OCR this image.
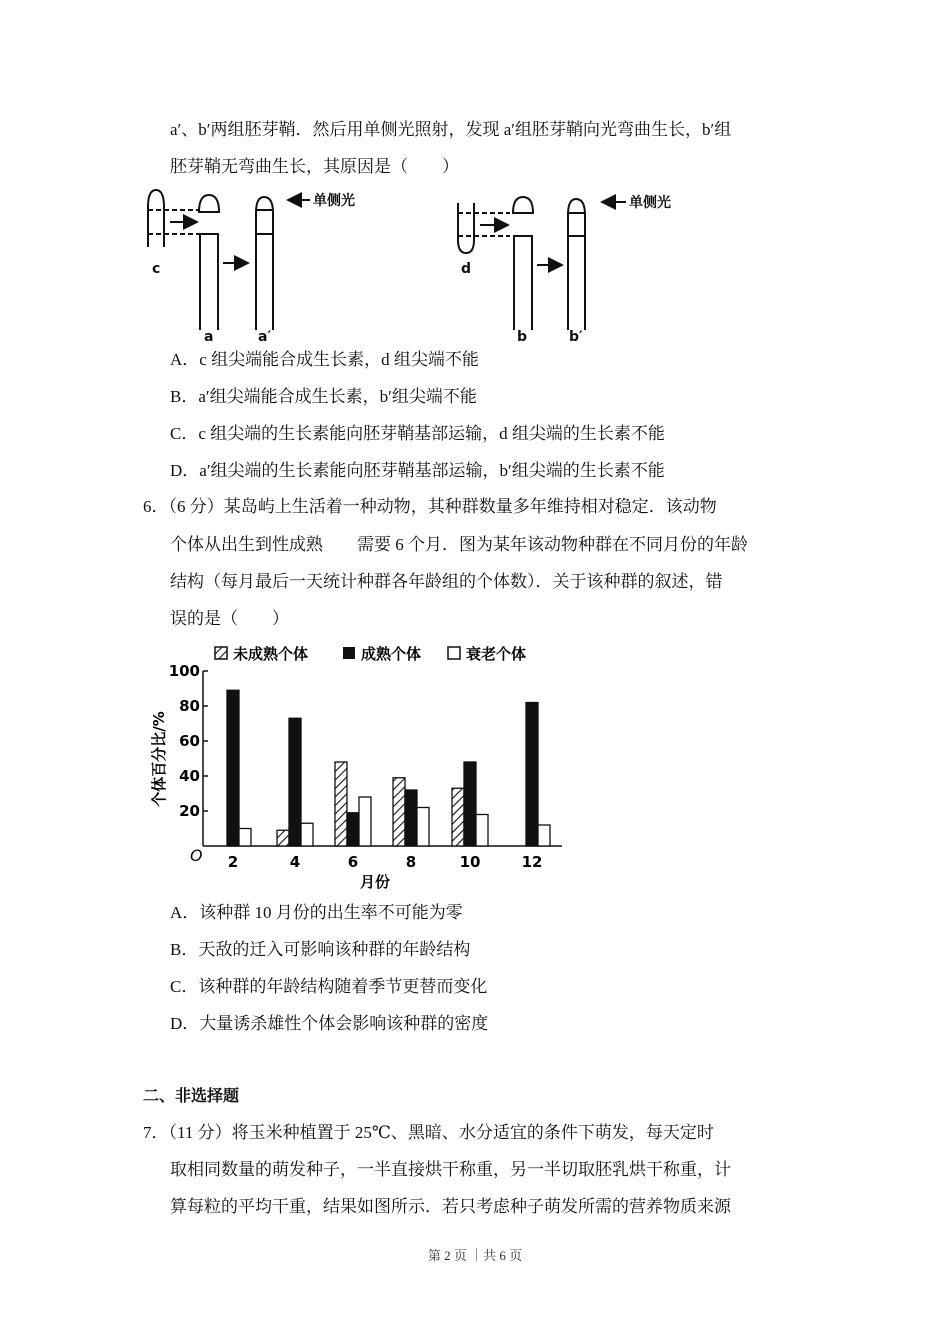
a′、b′两组胚芽鞘．然后用单侧光照射，发现 a′组胚芽鞘向光弯曲生长，b′组
胚芽鞘无弯曲生长，其原因是（　　）
c
a	a′
单侧光
d
b	b′
单侧光
A．c 组尖端能合成生长素，d 组尖端不能
B．a′组尖端能合成生长素，b′组尖端不能
C．c 组尖端的生长素能向胚芽鞘基部运输，d 组尖端的生长素不能
D．a′组尖端的生长素能向胚芽鞘基部运输，b′组尖端的生长素不能
6．（6 分）某岛屿上生活着一种动物，其种群数量多年维持相对稳定．该动物
个体从出生到性成熟　　需要 6 个月．图为某年该动物种群在不同月份的年龄
结构（每月最后一天统计种群各年龄组的个体数）．关于该种群的叙述，错
误的是（　　）
未成熟个体	成熟个体	衰老个体
20
40
60
80
100
O 2	4	6	8	10	12
月份
个体百分比/%
A．该种群 10 月份的出生率不可能为零
B．天敌的迁入可影响该种群的年龄结构
C．该种群的年龄结构随着季节更替而变化
D．大量诱杀雄性个体会影响该种群的密度
二、非选择题
7．（11 分）将玉米种植置于 25℃、黑暗、水分适宜的条件下萌发，每天定时
取相同数量的萌发种子，一半直接烘干称重，另一半切取胚乳烘干称重，计
算每粒的平均干重，结果如图所示．若只考虑种子萌发所需的营养物质来源
第 2 页 ｜共 6 页
